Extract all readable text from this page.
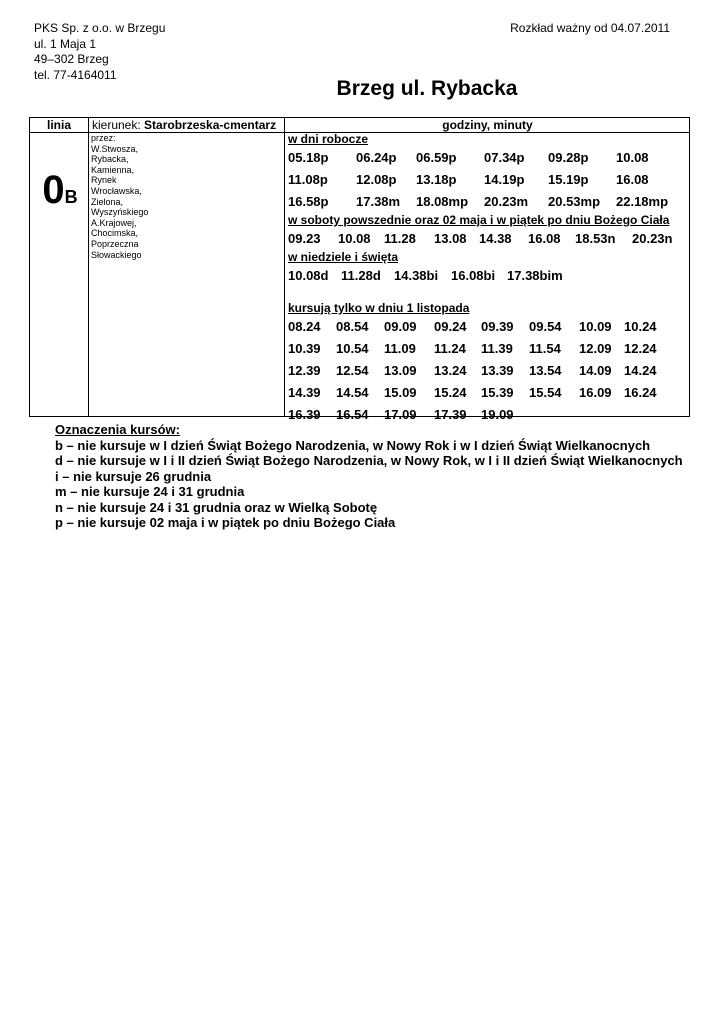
PKS Sp. z o.o. w Brzegu
ul. 1 Maja 1
49–302 Brzeg
tel. 77-4164011
Rozkład ważny od 04.07.2011
Brzeg ul. Rybacka
linia	kierunek: Starobrzeska-cmentarz	godziny, minuty
0B
przez:
W.Stwosza,
Rybacka,
Kamienna,
Rynek
Wrocławska,
Zielona,
Wyszyńskiego
A.Krajowej,
Chocimska,
Poprzeczna
Słowackiego
w dni robocze
05.18p 06.24p 06.59p 07.34p 09.28p 10.08
11.08p 12.08p 13.18p 14.19p 15.19p 16.08
16.58p 17.38m 18.08mp 20.23m 20.53mp 22.18mp
w soboty powszednie oraz 02 maja i w piątek po dniu Bożego Ciała
09.23 10.08 11.28 13.08 14.38 16.08 18.53n 20.23n
w niedziele i święta
10.08d 11.28d 14.38bi 16.08bi 17.38bim
kursują tylko w dniu 1 listopada
08.24 08.54 09.09 09.24 09.39 09.54 10.09 10.24
10.39 10.54 11.09 11.24 11.39 11.54 12.09 12.24
12.39 12.54 13.09 13.24 13.39 13.54 14.09 14.24
14.39 14.54 15.09 15.24 15.39 15.54 16.09 16.24
16.39 16.54 17.09 17.39 19.09
Oznaczenia kursów:
b – nie kursuje w I dzień Świąt Bożego Narodzenia, w Nowy Rok i w I dzień Świąt Wielkanocnych
d – nie kursuje w I i II dzień Świąt Bożego Narodzenia, w Nowy Rok, w I i II dzień Świąt Wielkanocnych
i – nie kursuje 26 grudnia
m – nie kursuje 24 i 31 grudnia
n – nie kursuje 24 i 31 grudnia oraz w Wielką Sobotę
p – nie kursuje 02 maja i w piątek po dniu Bożego Ciała
